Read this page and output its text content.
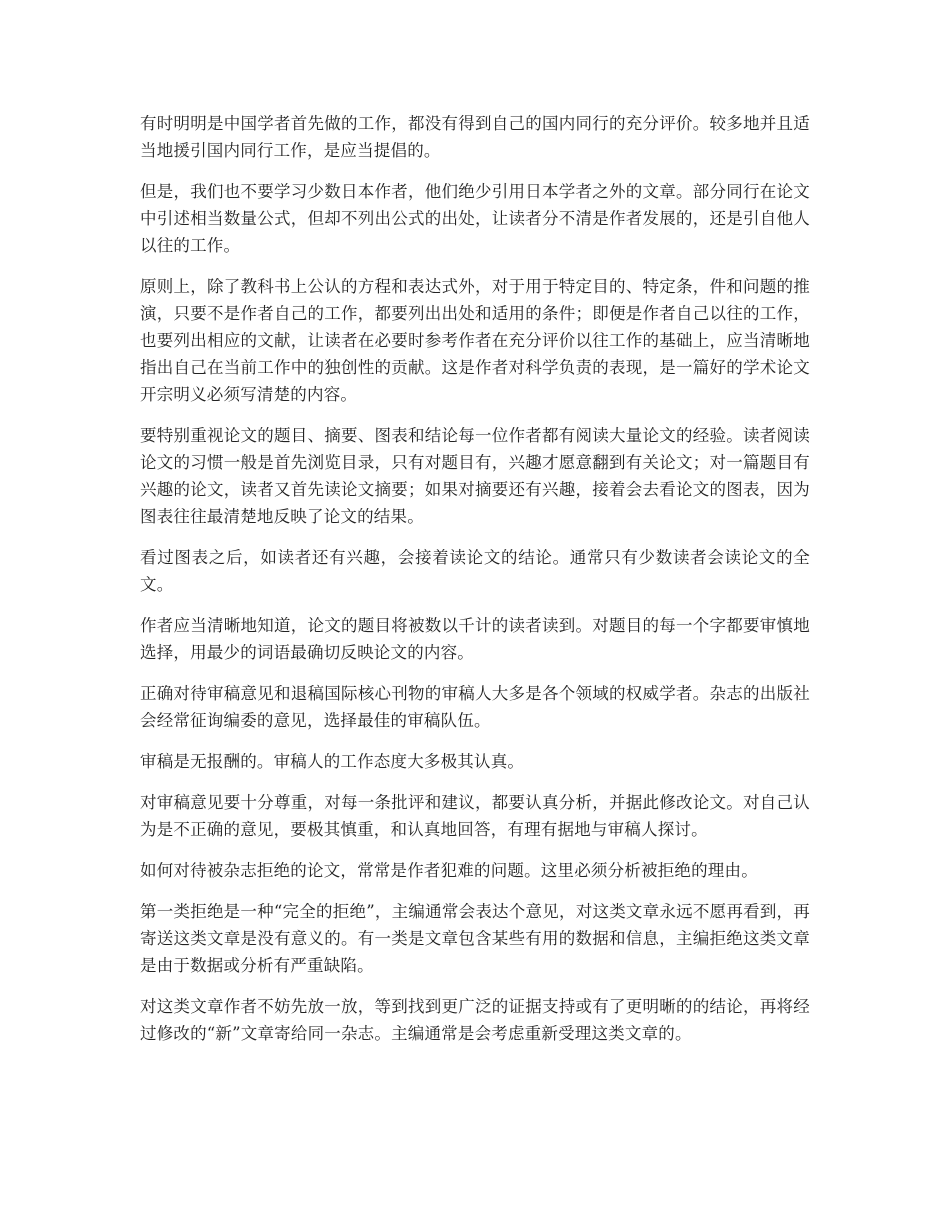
有时明明是中国学者首先做的工作，都没有得到自己的国内同行的充分评价。较多地并且适当地援引国内同行工作，是应当提倡的。

但是，我们也不要学习少数日本作者，他们绝少引用日本学者之外的文章。部分同行在论文中引述相当数量公式，但却不列出公式的出处，让读者分不清是作者发展的，还是引自他人以往的工作。

原则上，除了教科书上公认的方程和表达式外，对于用于特定目的、特定条，件和问题的推演，只要不是作者自己的工作，都要列出出处和适用的条件；即便是作者自己以往的工作，也要列出相应的文献，让读者在必要时参考作者在充分评价以往工作的基础上，应当清晰地指出自己在当前工作中的独创性的贡献。这是作者对科学负责的表现，是一篇好的学术论文开宗明义必须写清楚的内容。

要特别重视论文的题目、摘要、图表和结论每一位作者都有阅读大量论文的经验。读者阅读论文的习惯一般是首先浏览目录，只有对题目有，兴趣才愿意翻到有关论文；对一篇题目有兴趣的论文，读者又首先读论文摘要；如果对摘要还有兴趣，接着会去看论文的图表，因为图表往往最清楚地反映了论文的结果。

看过图表之后，如读者还有兴趣，会接着读论文的结论。通常只有少数读者会读论文的全文。

作者应当清晰地知道，论文的题目将被数以千计的读者读到。对题目的每一个字都要审慎地选择，用最少的词语最确切反映论文的内容。

正确对待审稿意见和退稿国际核心刊物的审稿人大多是各个领域的权威学者。杂志的出版社会经常征询编委的意见，选择最佳的审稿队伍。

审稿是无报酬的。审稿人的工作态度大多极其认真。

对审稿意见要十分尊重，对每一条批评和建议，都要认真分析，并据此修改论文。对自己认为是不正确的意见，要极其慎重，和认真地回答，有理有据地与审稿人探讨。

如何对待被杂志拒绝的论文，常常是作者犯难的问题。这里必须分析被拒绝的理由。

第一类拒绝是一种“完全的拒绝”，主编通常会表达个意见，对这类文章永远不愿再看到，再寄送这类文章是没有意义的。有一类是文章包含某些有用的数据和信息，主编拒绝这类文章是由于数据或分析有严重缺陷。

对这类文章作者不妨先放一放，等到找到更广泛的证据支持或有了更明晰的的结论，再将经过修改的“新”文章寄给同一杂志。主编通常是会考虑重新受理这类文章的。
